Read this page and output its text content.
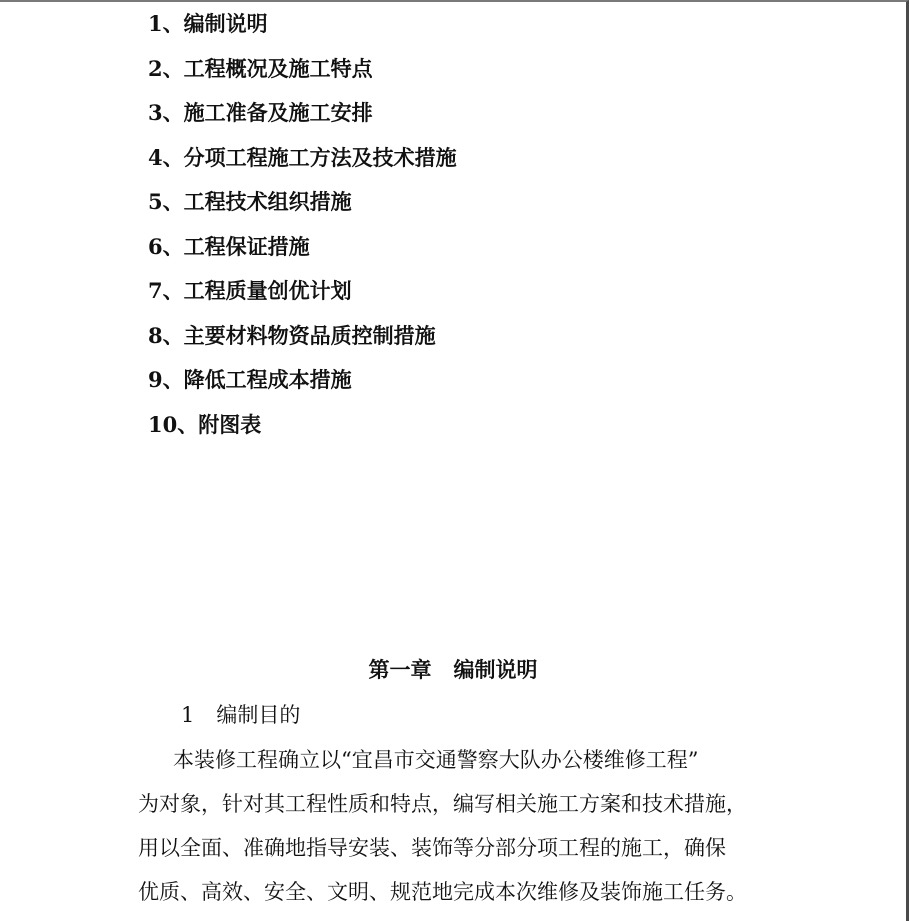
1、编制说明
2、工程概况及施工特点
3、施工准备及施工安排
4、分项工程施工方法及技术措施
5、工程技术组织措施
6、工程保证措施
7、工程质量创优计划
8、主要材料物资品质控制措施
9、降低工程成本措施
10、附图表
第一章 编制说明
1 编制目的
本装修工程确立以“宜昌市交通警察大队办公楼维修工程”
为对象，针对其工程性质和特点，编写相关施工方案和技术措施，
用以全面、准确地指导安装、装饰等分部分项工程的施工，确保
优质、高效、安全、文明、规范地完成本次维修及装饰施工任务。
